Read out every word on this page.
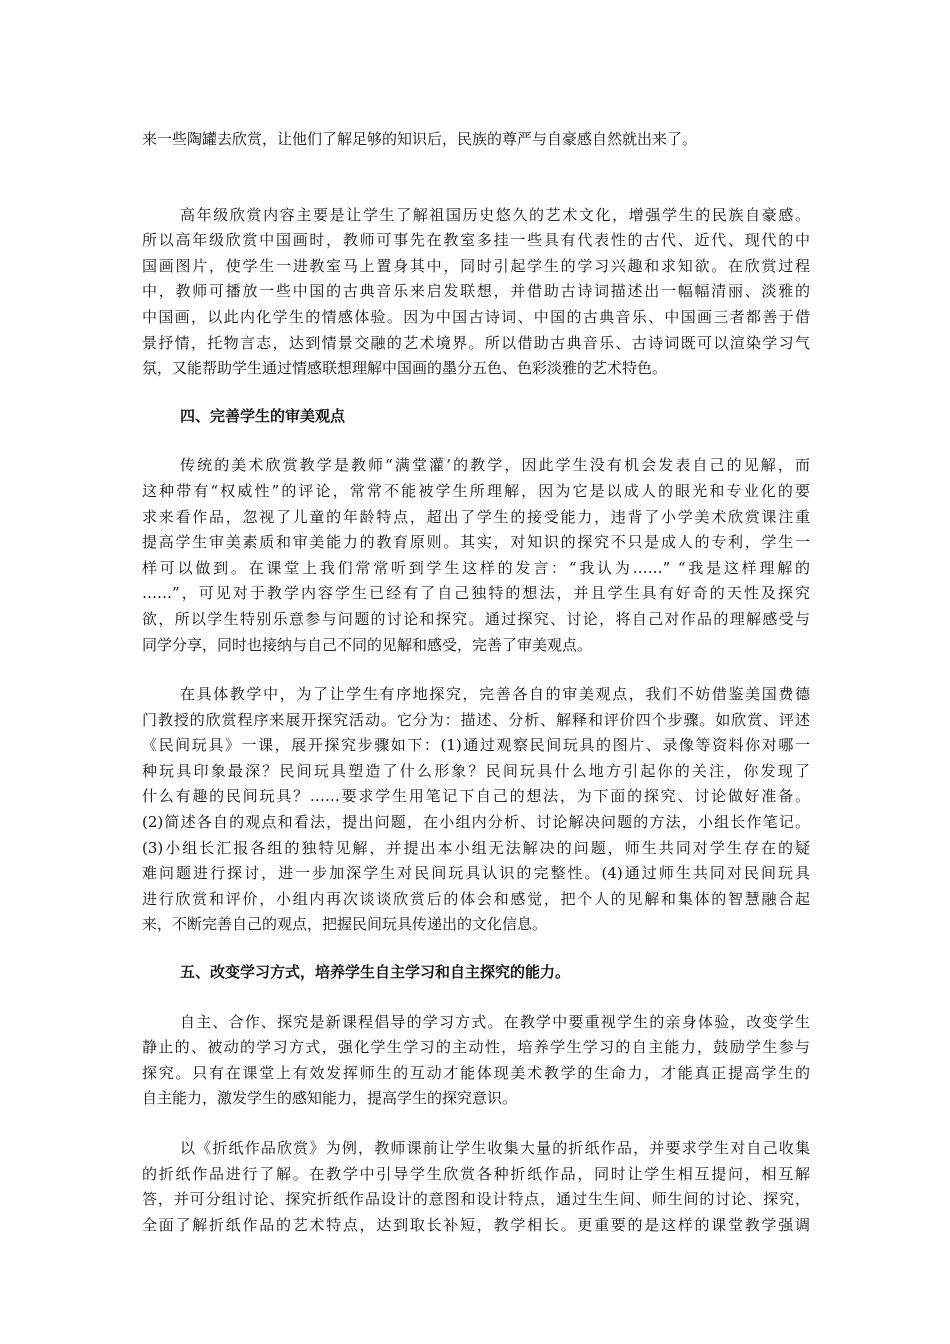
来一些陶罐去欣赏，让他们了解足够的知识后，民族的尊严与自豪感自然就出来了。
高年级欣赏内容主要是让学生了解祖国历史悠久的艺术文化，增强学生的民族自豪感。
所以高年级欣赏中国画时，教师可事先在教室多挂一些具有代表性的古代、近代、现代的中
国画图片，使学生一进教室马上置身其中，同时引起学生的学习兴趣和求知欲。在欣赏过程
中，教师可播放一些中国的古典音乐来启发联想，并借助古诗词描述出一幅幅清丽、淡雅的
中国画，以此内化学生的情感体验。因为中国古诗词、中国的古典音乐、中国画三者都善于借
景抒情，托物言志，达到情景交融的艺术境界。所以借助古典音乐、古诗词既可以渲染学习气
氛，又能帮助学生通过情感联想理解中国画的墨分五色、色彩淡雅的艺术特色。
四、完善学生的审美观点
传统的美术欣赏教学是教师“满堂灌’的教学，因此学生没有机会发表自己的见解，而
这种带有“权威性”的评论，常常不能被学生所理解，因为它是以成人的眼光和专业化的要
求来看作品，忽视了儿童的年龄特点，超出了学生的接受能力，违背了小学美术欣赏课注重
提高学生审美素质和审美能力的教育原则。其实，对知识的探究不只是成人的专利，学生一
样可以做到。在课堂上我们常常听到学生这样的发言：“我认为……” “我是这样理解的
……”，可见对于教学内容学生已经有了自己独特的想法，并且学生具有好奇的天性及探究
欲，所以学生特别乐意参与问题的讨论和探究。通过探究、讨论，将自己对作品的理解感受与
同学分享，同时也接纳与自己不同的见解和感受，完善了审美观点。
在具体教学中，为了让学生有序地探究，完善各自的审美观点，我们不妨借鉴美国费德
门教授的欣赏程序来展开探究活动。它分为：描述、分析、解释和评价四个步骤。如欣赏、评述
《民间玩具》一课，展开探究步骤如下：(1)通过观察民间玩具的图片、录像等资料你对哪一
种玩具印象最深？民间玩具塑造了什么形象？民间玩具什么地方引起你的关注，你发现了
什么有趣的民间玩具？……要求学生用笔记下自己的想法，为下面的探究、讨论做好准备。
(2)简述各自的观点和看法，提出问题，在小组内分析、讨论解决问题的方法，小组长作笔记。
(3)小组长汇报各组的独特见解，并提出本小组无法解决的问题，师生共同对学生存在的疑
难问题进行探讨，进一步加深学生对民间玩具认识的完整性。(4)通过师生共同对民间玩具
进行欣赏和评价，小组内再次谈谈欣赏后的体会和感觉，把个人的见解和集体的智慧融合起
来，不断完善自己的观点，把握民间玩具传递出的文化信息。
五、改变学习方式，培养学生自主学习和自主探究的能力。
自主、合作、探究是新课程倡导的学习方式。在教学中要重视学生的亲身体验，改变学生
静止的、被动的学习方式，强化学生学习的主动性，培养学生学习的自主能力，鼓励学生参与
探究。只有在课堂上有效发挥师生的互动才能体现美术教学的生命力，才能真正提高学生的
自主能力，激发学生的感知能力，提高学生的探究意识。
以《折纸作品欣赏》为例，教师课前让学生收集大量的折纸作品，并要求学生对自己收集
的折纸作品进行了解。在教学中引导学生欣赏各种折纸作品，同时让学生相互提问，相互解
答，并可分组讨论、探究折纸作品设计的意图和设计特点，通过生生间、师生间的讨论、探究，
全面了解折纸作品的艺术特点，达到取长补短，教学相长。更重要的是这样的课堂教学强调
